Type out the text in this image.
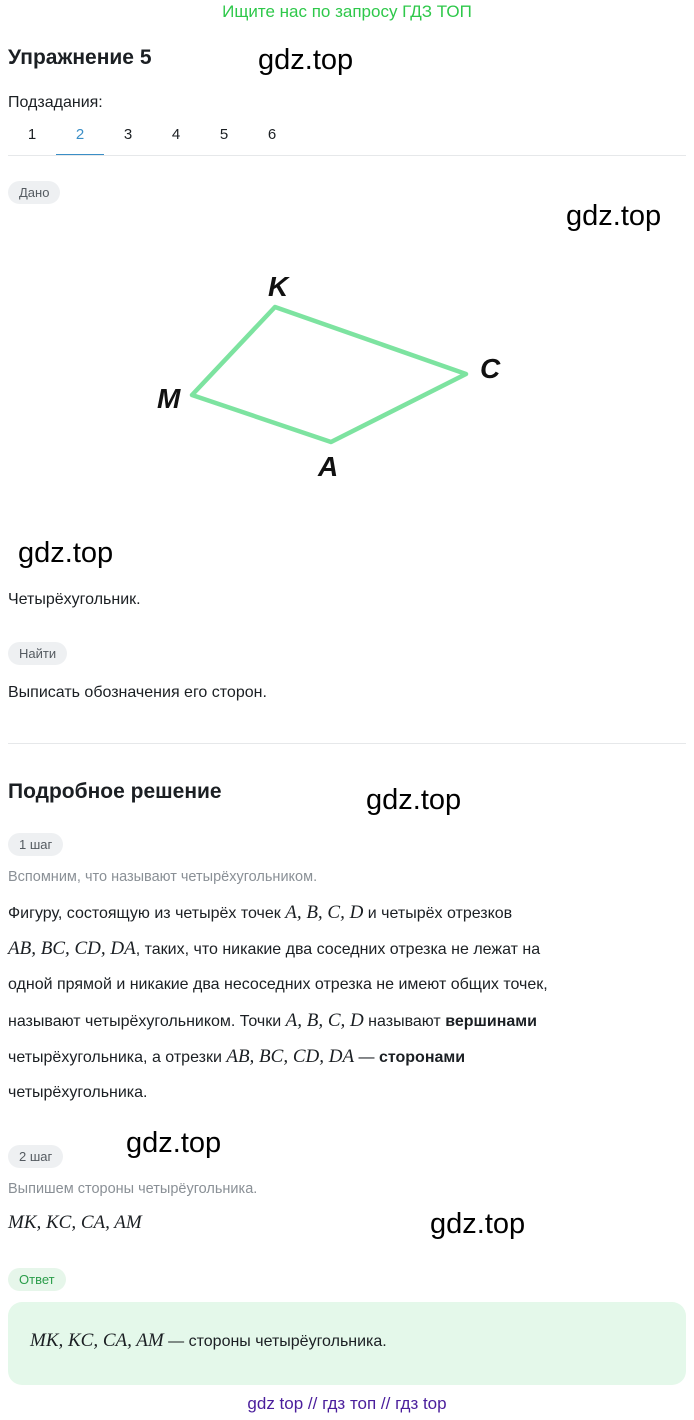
Ищите нас по запросу ГДЗ ТОП
Упражнение 5	gdz.top
Подзадания:
1	2	3	4	5	6
Дано
gdz.top
K
C
M
A
gdz.top
Четырёхугольник.
Найти
Выписать обозначения его сторон.
Подробное решение	gdz.top
1 шаг
Вспомним, что называют четырёхугольником.
Фигуру, состоящую из четырёх точек A, B, C, D и четырёх отрезков
AB, BC, CD, DA, таких, что никакие два соседних отрезка не лежат на
одной прямой и никакие два несоседних отрезка не имеют общих точек,
называют четырёхугольником. Точки A, B, C, D называют вершинами
четырёхугольника, а отрезки AB, BC, CD, DA — сторонами
четырёхугольника.
2 шаг	gdz.top
Выпишем стороны четырёугольника.
MK, KC, CA, AM	gdz.top
Ответ
MK, KC, CA, AM — стороны четырёугольника.
gdz top // гдз топ // гдз top
